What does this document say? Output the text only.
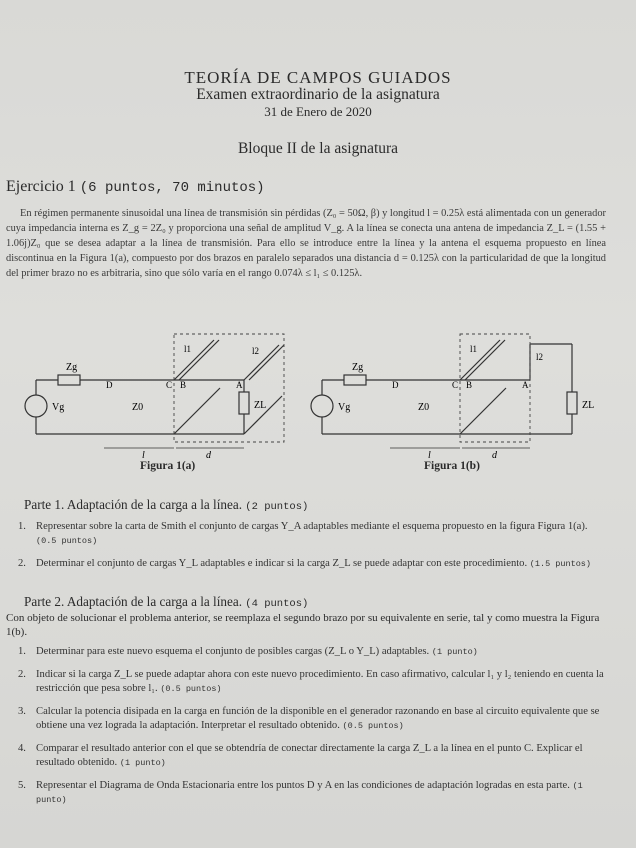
TEORÍA DE CAMPOS GUIADOS
Examen extraordinario de la asignatura
31 de Enero de 2020
Bloque II de la asignatura
Ejercicio 1 (6 puntos, 70 minutos)
En régimen permanente sinusoidal una línea de transmisión sin pérdidas (Z₀ = 50Ω, β) y longitud l = 0.25λ está alimentada con un generador cuya impedancia interna es Z_g = 2Z₀ y proporciona una señal de amplitud V_g. A la línea se conecta una antena de impedancia Z_L = (1.55 + 1.06j)Z₀ que se desea adaptar a la línea de transmisión. Para ello se introduce entre la línea y la antena el esquema propuesto en línea discontinua en la Figura 1(a), compuesto por dos brazos en paralelo separados una distancia d = 0.125λ con la particularidad de que la longitud del primer brazo no es arbitraria, sino que sólo varía en el rango 0.074λ ≤ l₁ ≤ 0.125λ.
Zg
Vg
D	C B	A
Z0	ZL
l1	l2
l	d
Zg
Vg
D	C B	A
Z0	ZL
l1
l2
l	d
Figura 1(a)	Figura 1(b)
Parte 1. Adaptación de la carga a la línea. (2 puntos)
1. Representar sobre la carta de Smith el conjunto de cargas Y_A adaptables mediante el esquema propuesto en la figura Figura 1(a). (0.5 puntos)
2. Determinar el conjunto de cargas Y_L adaptables e indicar si la carga Z_L se puede adaptar con este procedimiento. (1.5 puntos)
Parte 2. Adaptación de la carga a la línea. (4 puntos)
Con objeto de solucionar el problema anterior, se reemplaza el segundo brazo por su equivalente en serie, tal y como muestra la Figura 1(b).
1. Determinar para este nuevo esquema el conjunto de posibles cargas (Z_L o Y_L) adaptables. (1 punto)
2. Indicar si la carga Z_L se puede adaptar ahora con este nuevo procedimiento. En caso afirmativo, calcular l₁ y l₂ teniendo en cuenta la restricción que pesa sobre l₁. (0.5 puntos)
3. Calcular la potencia disipada en la carga en función de la disponible en el generador razonando en base al circuito equivalente que se obtiene una vez lograda la adaptación. Interpretar el resultado obtenido. (0.5 puntos)
4. Comparar el resultado anterior con el que se obtendría de conectar directamente la carga Z_L a la línea en el punto C. Explicar el resultado obtenido. (1 punto)
5. Representar el Diagrama de Onda Estacionaria entre los puntos D y A en las condiciones de adaptación logradas en esta parte. (1 punto)
